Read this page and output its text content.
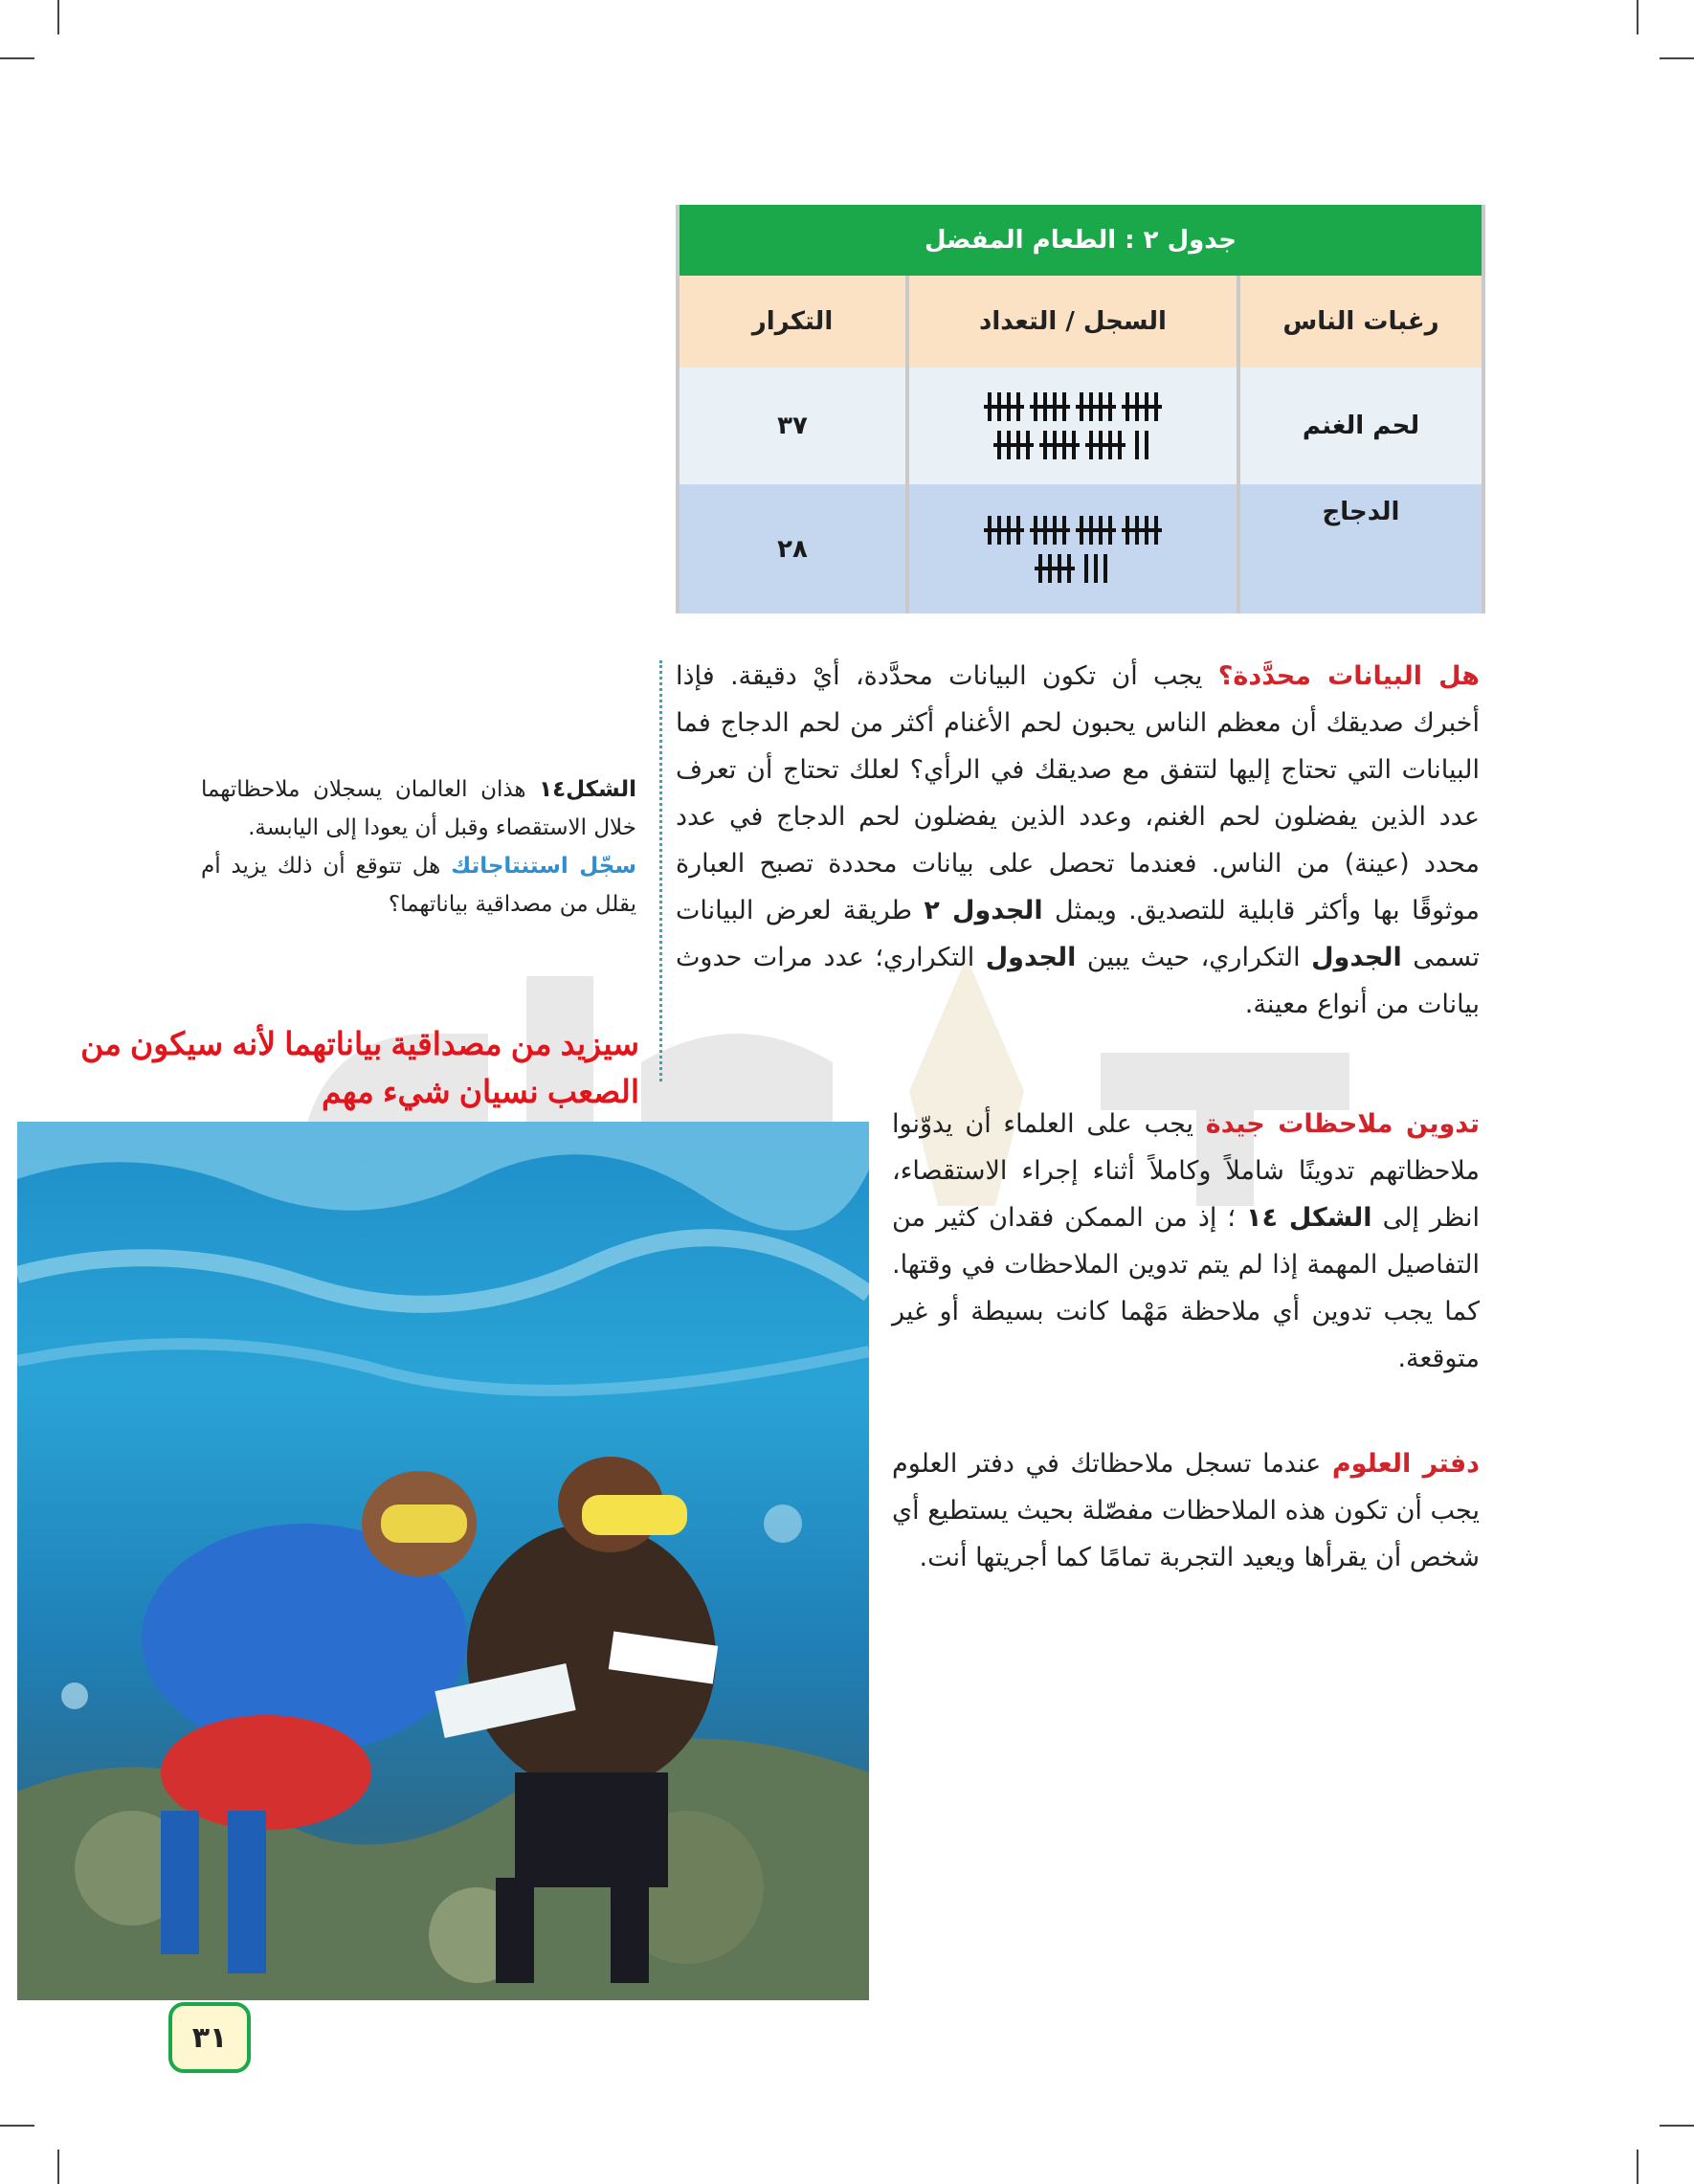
جدول ٢ : الطعام المفضل		
رغبات الناس	السجل / التعداد	التكرار
لحم الغنم		٣٧
الدجاج		٢٨
هل البيانات محدَّدة؟ يجب أن تكون البيانات محدَّدة، أيْ دقيقة. فإذا أخبرك صديقك أن معظم الناس يحبون لحم الأغنام أكثر من لحم الدجاج فما البيانات التي تحتاج إليها لتتفق مع صديقك في الرأي؟ لعلك تحتاج أن تعرف عدد الذين يفضلون لحم الغنم، وعدد الذين يفضلون لحم الدجاج في عدد محدد (عينة) من الناس. فعندما تحصل على بيانات محددة تصبح العبارة موثوقًا بها وأكثر قابلية للتصديق. ويمثل الجدول ٢ طريقة لعرض البيانات تسمى الجدول التكراري، حيث يبين الجدول التكراري؛ عدد مرات حدوث بيانات من أنواع معينة.
تدوين ملاحظات جيدة يجب على العلماء أن يدوّنوا ملاحظاتهم تدوينًا شاملاً وكاملاً أثناء إجراء الاستقصاء، انظر إلى الشكل ١٤ ؛ إذ من الممكن فقدان كثير من التفاصيل المهمة إذا لم يتم تدوين الملاحظات في وقتها. كما يجب تدوين أي ملاحظة مَهْما كانت بسيطة أو غير متوقعة.
دفتر العلوم عندما تسجل ملاحظاتك في دفتر العلوم يجب أن تكون هذه الملاحظات مفصّلة بحيث يستطيع أي شخص أن يقرأها ويعيد التجربة تمامًا كما أجريتها أنت.
الشكل١٤ هذان العالمان يسجلان ملاحظاتهما خلال الاستقصاء وقبل أن يعودا إلى اليابسة.
سجّل استنتاجاتك هل تتوقع أن ذلك يزيد أم يقلل من مصداقية بياناتهما؟
سيزيد من مصداقية بياناتهما لأنه سيكون من الصعب نسيان شيء مهم
٣١
